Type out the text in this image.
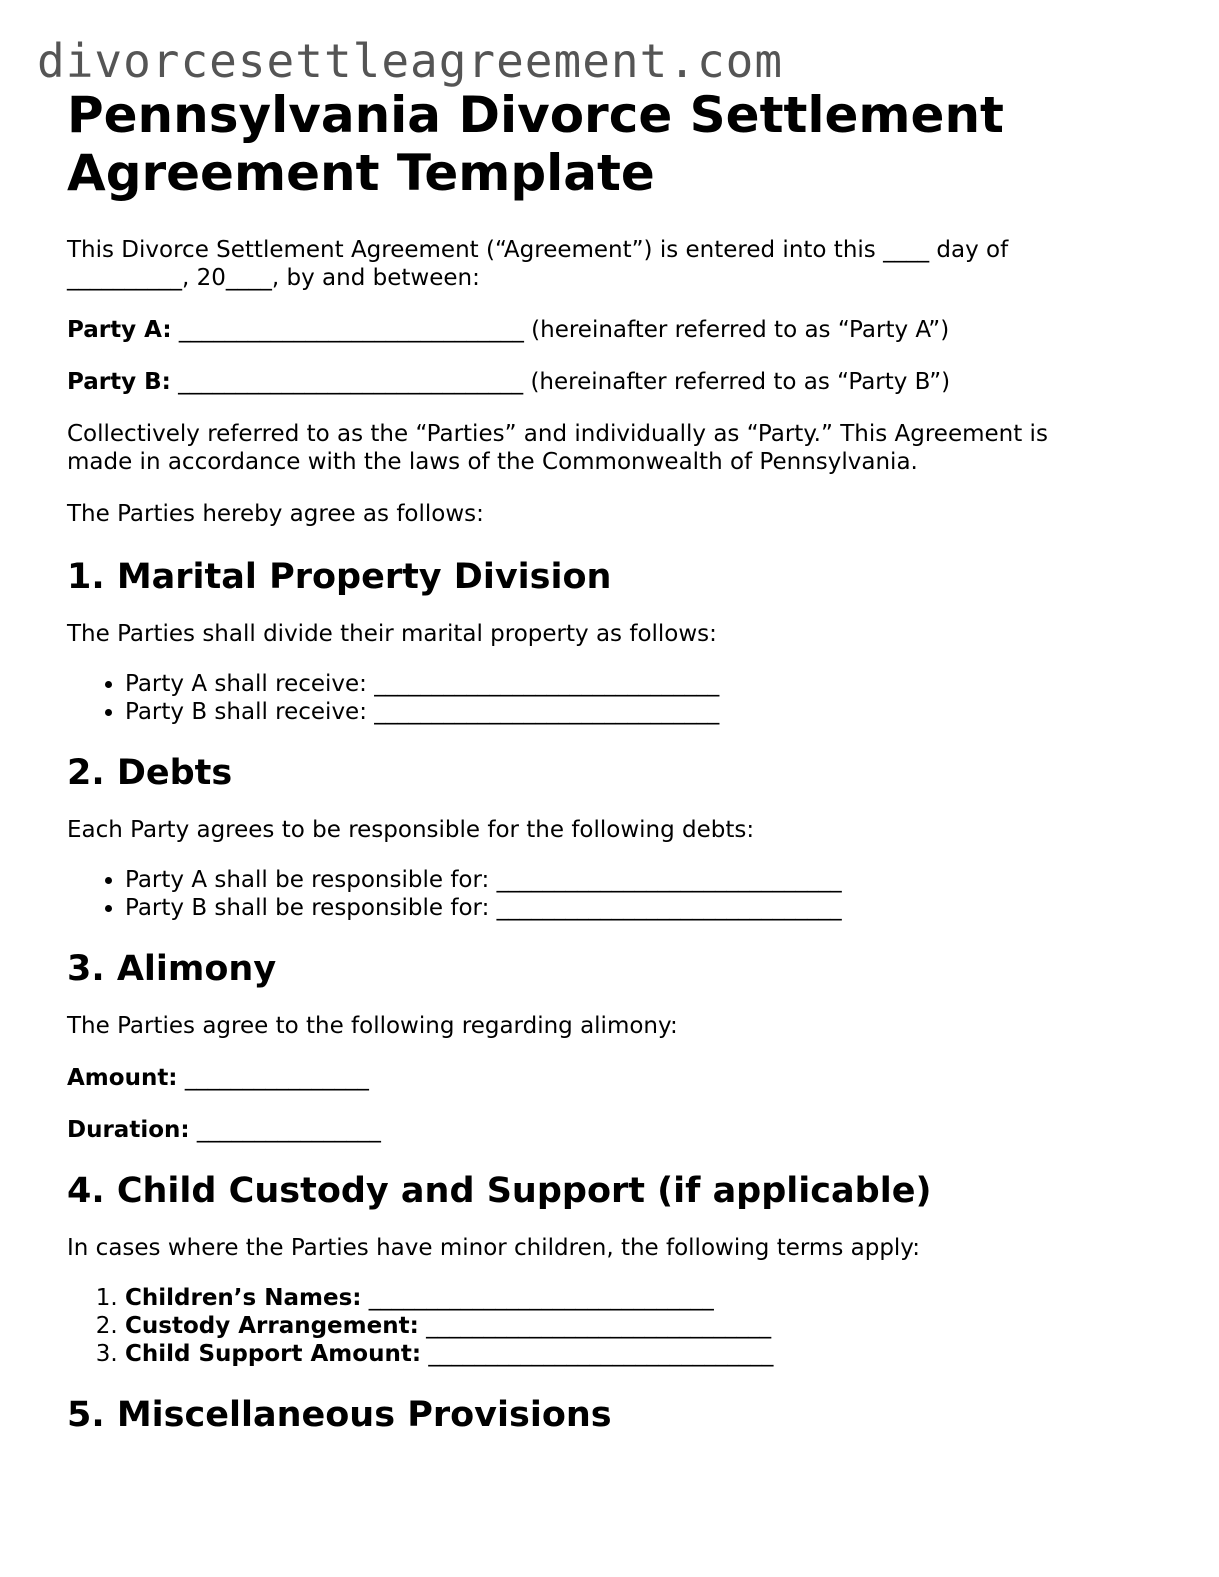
divorcesettleagreement.com
Pennsylvania Divorce Settlement
Agreement Template

This Divorce Settlement Agreement (“Agreement”) is entered into this ____ day of
__________, 20____, by and between:

Party A: ______________________________ (hereinafter referred to as “Party A”)

Party B: ______________________________ (hereinafter referred to as “Party B”)

Collectively referred to as the “Parties” and individually as “Party.” This Agreement is
made in accordance with the laws of the Commonwealth of Pennsylvania.

The Parties hereby agree as follows:

1. Marital Property Division

The Parties shall divide their marital property as follows:

• Party A shall receive: ______________________________
• Party B shall receive: ______________________________
2. Debts

Each Party agrees to be responsible for the following debts:

• Party A shall be responsible for: ______________________________
• Party B shall be responsible for: ______________________________
3. Alimony

The Parties agree to the following regarding alimony:

Amount: ________________

Duration: ________________

4. Child Custody and Support (if applicable)

In cases where the Parties have minor children, the following terms apply:

1. Children’s Names: ______________________________
2. Custody Arrangement: ______________________________
3. Child Support Amount: ______________________________
5. Miscellaneous Provisions
